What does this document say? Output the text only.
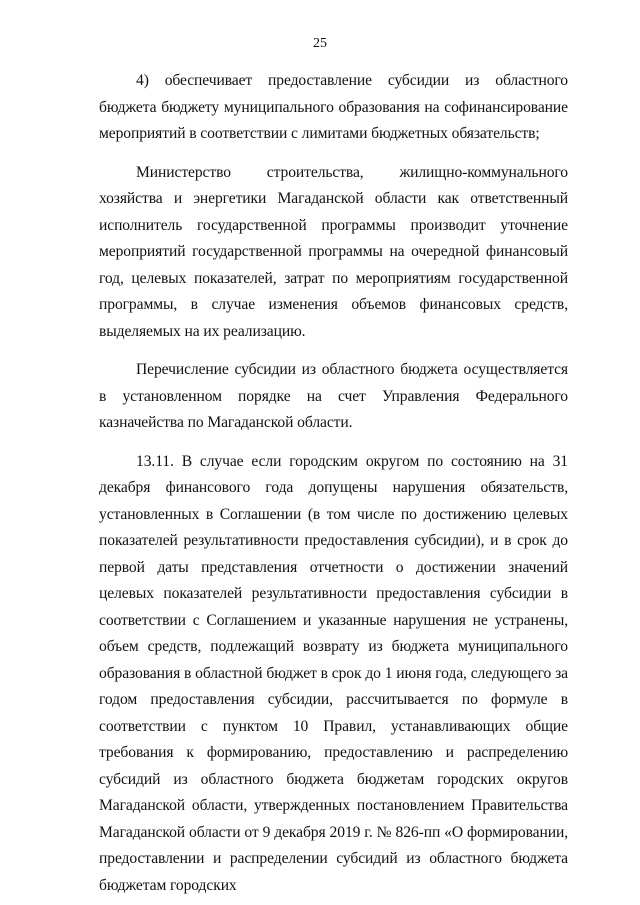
25

4) обеспечивает предоставление субсидии из областного бюджета бюджету муниципального образования на софинансирование мероприятий в соответствии с лимитами бюджетных обязательств;

Министерство строительства, жилищно-коммунального хозяйства и энергетики Магаданской области как ответственный исполнитель государственной программы производит уточнение мероприятий государственной программы на очередной финансовый год, целевых показателей, затрат по мероприятиям государственной программы, в случае изменения объемов финансовых средств, выделяемых на их реализацию.

Перечисление субсидии из областного бюджета осуществляется в установленном порядке на счет Управления Федерального казначейства по Магаданской области.

13.11. В случае если городским округом по состоянию на 31 декабря финансового года допущены нарушения обязательств, установленных в Соглашении (в том числе по достижению целевых показателей результативности предоставления субсидии), и в срок до первой даты представления отчетности о достижении значений целевых показателей результативности предоставления субсидии в соответствии с Соглашением и указанные нарушения не устранены, объем средств, подлежащий возврату из бюджета муниципального образования в областной бюджет в срок до 1 июня года, следующего за годом предоставления субсидии, рассчитывается по формуле в соответствии с пунктом 10 Правил, устанавливающих общие требования к формированию, предоставлению и распределению субсидий из областного бюджета бюджетам городских округов Магаданской области, утвержденных постановлением Правительства Магаданской области от 9 декабря 2019 г. № 826-пп «О формировании, предоставлении и распределении субсидий из областного бюджета бюджетам городских
